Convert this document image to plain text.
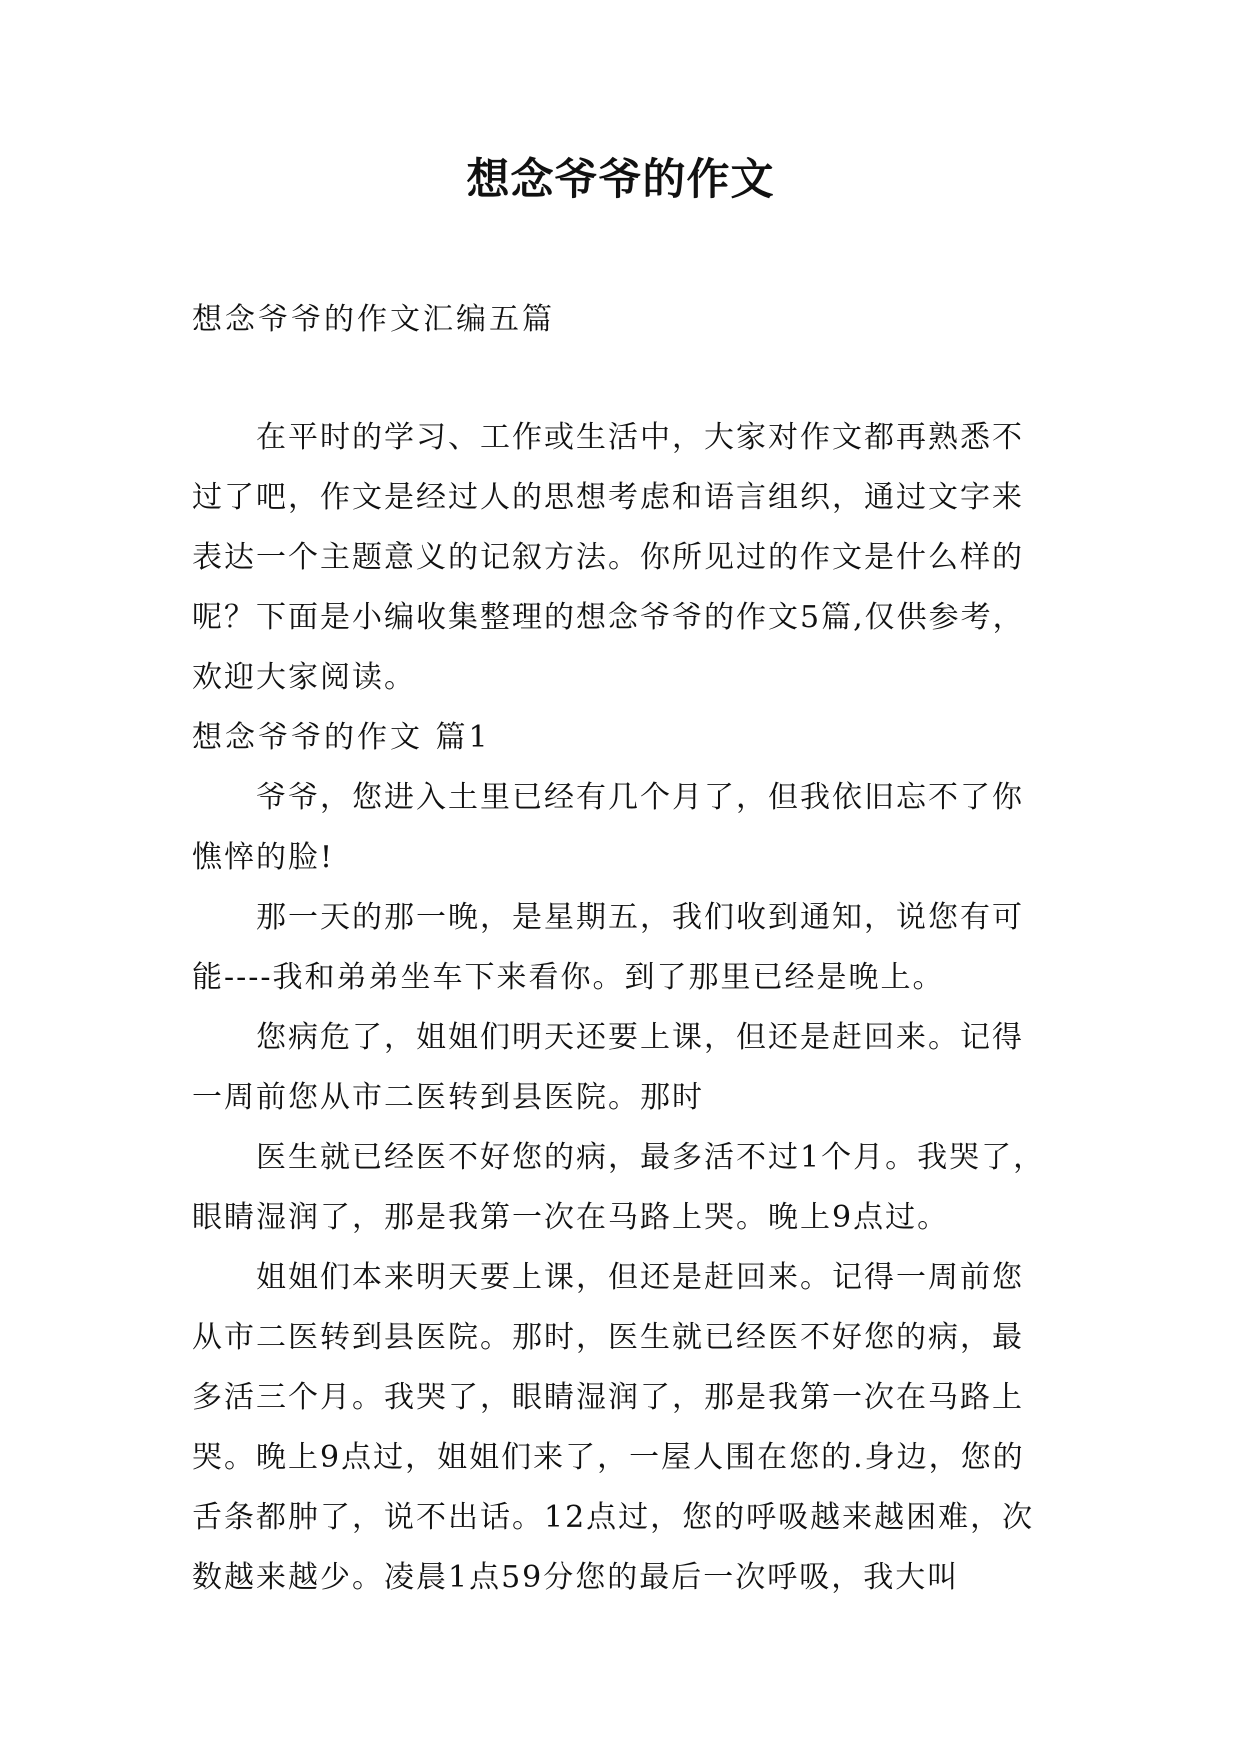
想念爷爷的作文
想念爷爷的作文汇编五篇

在平时的学习、工作或生活中，大家对作文都再熟悉不过了吧，作文是经过人的思想考虑和语言组织，通过文字来表达一个主题意义的记叙方法。你所见过的作文是什么样的呢？下面是小编收集整理的想念爷爷的作文5篇,仅供参考，欢迎大家阅读。

想念爷爷的作文 篇1

爷爷，您进入土里已经有几个月了，但我依旧忘不了你憔悴的脸!

那一天的那一晚，是星期五，我们收到通知，说您有可能----我和弟弟坐车下来看你。到了那里已经是晚上。

您病危了，姐姐们明天还要上课，但还是赶回来。记得一周前您从市二医转到县医院。那时

医生就已经医不好您的病，最多活不过1个月。我哭了，眼睛湿润了，那是我第一次在马路上哭。晚上9点过。

姐姐们本来明天要上课，但还是赶回来。记得一周前您从市二医转到县医院。那时，医生就已经医不好您的病，最多活三个月。我哭了，眼睛湿润了，那是我第一次在马路上哭。晚上9点过，姐姐们来了，一屋人围在您的.身边，您的舌条都肿了，说不出话。12点过，您的呼吸越来越困难，次数越来越少。凌晨1点59分您的最后一次呼吸，我大叫
